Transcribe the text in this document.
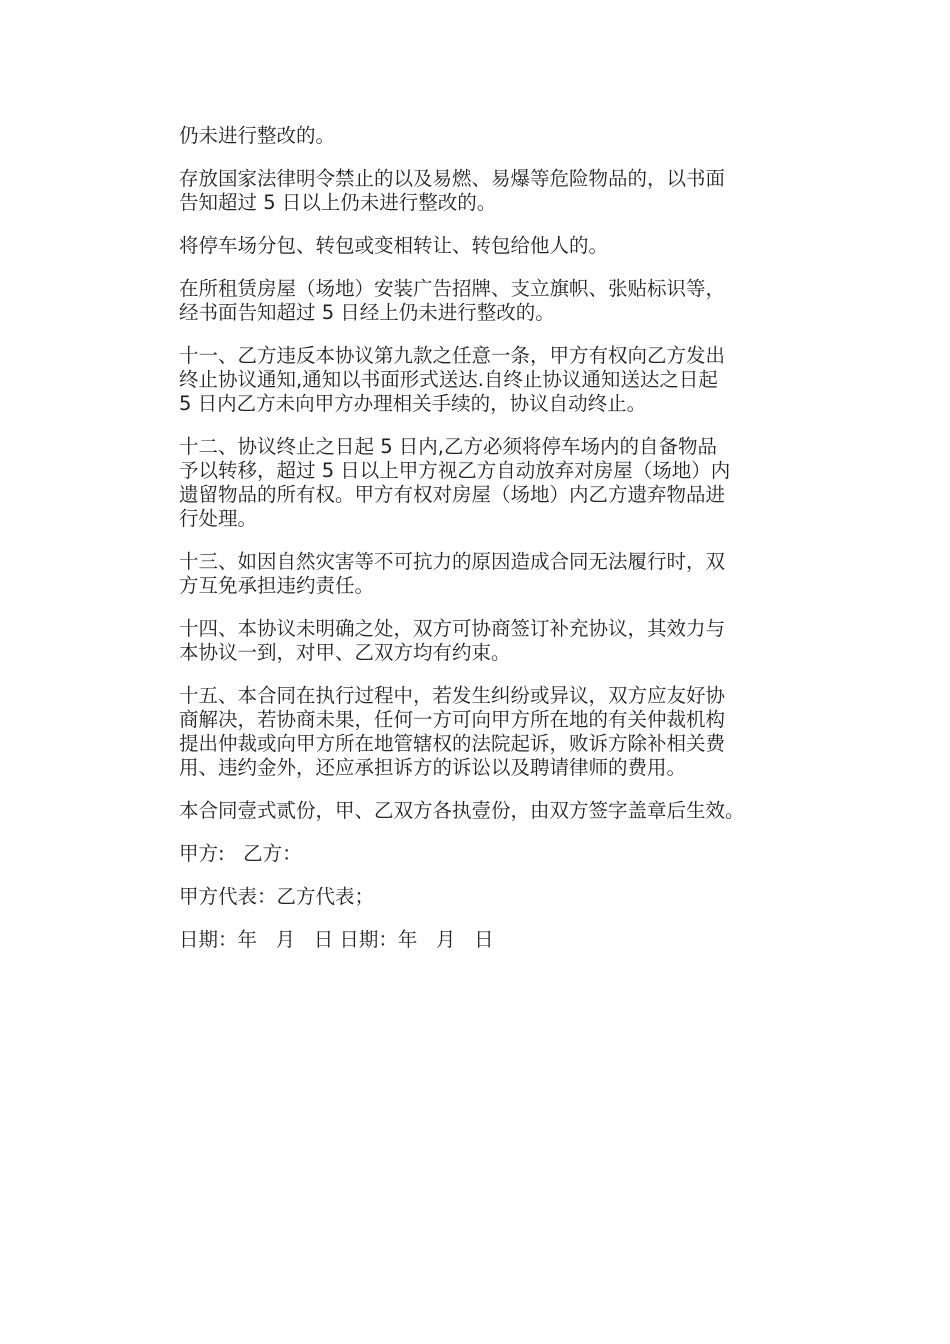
仍未进行整改的。

存放国家法律明令禁止的以及易燃、易爆等危险物品的，以书面
告知超过 5 日以上仍未进行整改的。

将停车场分包、转包或变相转让、转包给他人的。

在所租赁房屋（场地）安装广告招牌、支立旗帜、张贴标识等，
经书面告知超过 5 日经上仍未进行整改的。

十一、乙方违反本协议第九款之任意一条，甲方有权向乙方发出
终止协议通知,通知以书面形式送达.自终止协议通知送达之日起
5 日内乙方未向甲方办理相关手续的，协议自动终止。

十二、协议终止之日起 5 日内,乙方必须将停车场内的自备物品
予以转移，超过 5 日以上甲方视乙方自动放弃对房屋（场地）内
遗留物品的所有权。甲方有权对房屋（场地）内乙方遗弃物品进
行处理。

十三、如因自然灾害等不可抗力的原因造成合同无法履行时，双
方互免承担违约责任。

十四、本协议未明确之处，双方可协商签订补充协议，其效力与
本协议一到，对甲、乙双方均有约束。

十五、本合同在执行过程中，若发生纠纷或异议，双方应友好协
商解决，若协商未果，任何一方可向甲方所在地的有关仲裁机构
提出仲裁或向甲方所在地管辖权的法院起诉，败诉方除补相关费
用、违约金外，还应承担诉方的诉讼以及聘请律师的费用。

本合同壹式贰份，甲、乙双方各执壹份，由双方签字盖章后生效。

甲方:   乙方：

甲方代表：乙方代表；

日期：年   月   日 日期：年   月   日
